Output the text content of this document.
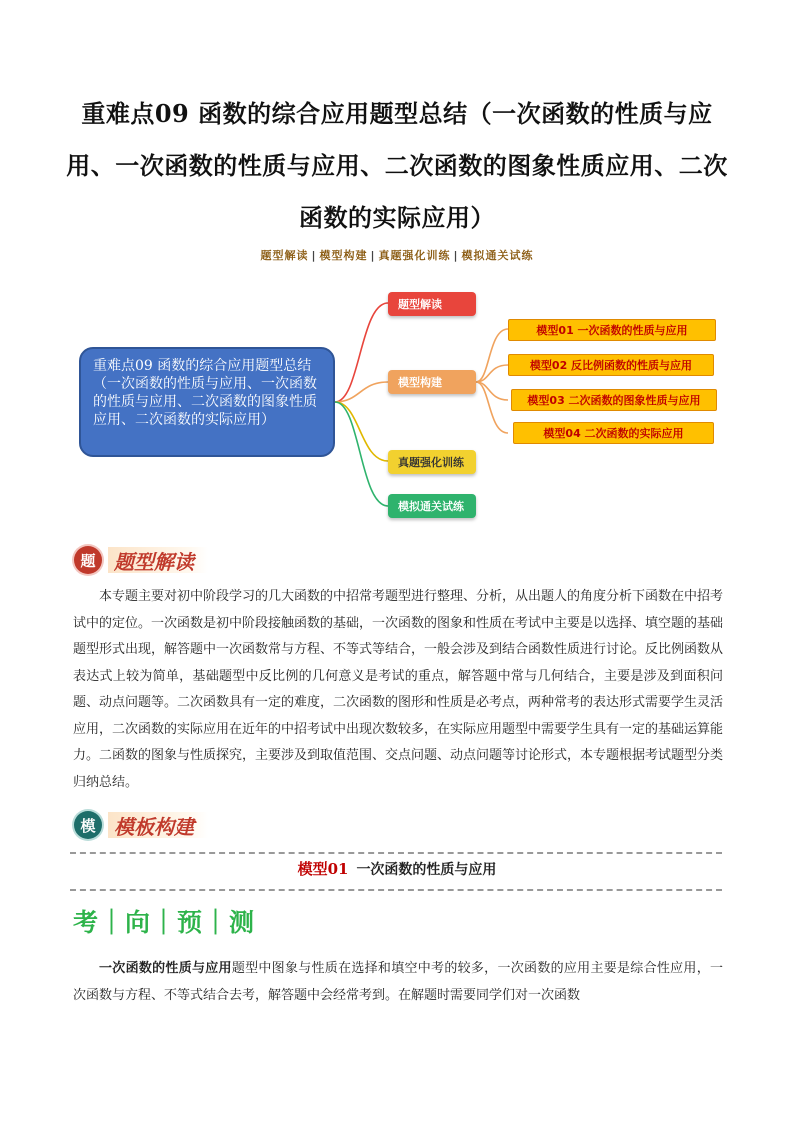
重难点09 函数的综合应用题型总结（一次函数的性质与应用、一次函数的性质与应用、二次函数的图象性质应用、二次函数的实际应用）
题型解读 | 模型构建 | 真题强化训练 | 模拟通关试练
重难点09 函数的综合应用题型总结（一次函数的性质与应用、一次函数的性质与应用、二次函数的图象性质应用、二次函数的实际应用）
题型解读
模型构建
真题强化训练
模拟通关试练
模型01 一次函数的性质与应用
模型02 反比例函数的性质与应用
模型03 二次函数的图象性质与应用
模型04 二次函数的实际应用
题 题型解读
本专题主要对初中阶段学习的几大函数的中招常考题型进行整理、分析，从出题人的角度分析下函数在中招考试中的定位。一次函数是初中阶段接触函数的基础，一次函数的图象和性质在考试中主要是以选择、填空题的基础题型形式出现，解答题中一次函数常与方程、不等式等结合，一般会涉及到结合函数性质进行讨论。反比例函数从表达式上较为简单，基础题型中反比例的几何意义是考试的重点，解答题中常与几何结合，主要是涉及到面积问题、动点问题等。二次函数具有一定的难度，二次函数的图形和性质是必考点，两种常考的表达形式需要学生灵活应用，二次函数的实际应用在近年的中招考试中出现次数较多，在实际应用题型中需要学生具有一定的基础运算能力。二函数的图象与性质探究，主要涉及到取值范围、交点问题、动点问题等讨论形式，本专题根据考试题型分类归纳总结。
模 模板构建
模型01 一次函数的性质与应用
考｜向｜预｜测
一次函数的性质与应用题型中图象与性质在选择和填空中考的较多，一次函数的应用主要是综合性应用，一次函数与方程、不等式结合去考，解答题中会经常考到。在解题时需要同学们对一次函数
